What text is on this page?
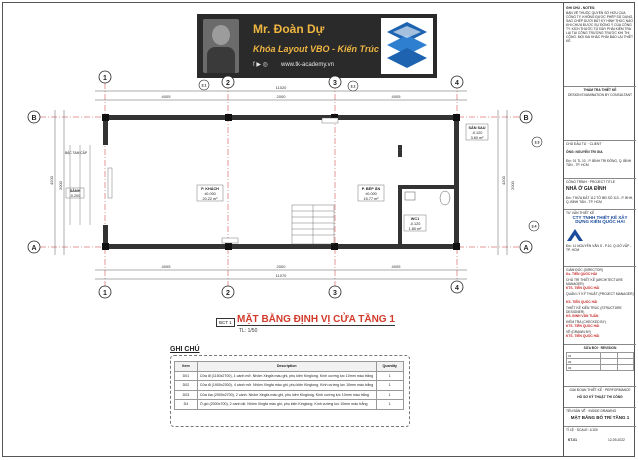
Mr. Đoàn Dự
Khóa Layout VBO - Kiến Trúc
f ▶ ◎ www.tk-academy.vn
1
2	3	4
1	2	3
4
B
A
B
A
11020
4005	2000	4005
4005	2000	4005
11070
4200
2000
4200
2000
3.1	3.2
3.3
3.4
P. KHÁCH
±0.000
20.22 m²
P. BẾP ĂN
±0.000
15.77 m²
SÂN SAU
-0.120
3.60 m²
WC1
-0.120
1.80 m²
SẢNH
-0.200
BẬC TAM CẤP
BCT 1 MẶT BẰNG ĐỊNH VỊ CỬA TẦNG 1
TL: 1/50
GHI CHÚ
Item	Description	Quantity
D01	Cửa đi (1150x2700), 1 cánh mở. Nhôm Xingfa màu ghi, phụ kiện Kinglong. Kính cường lực 10mm màu trắng	1
D02	Cửa đi (1900x2300), 4 cánh mở. Nhôm Xingfa màu ghi, phụ kiện Kinglong. Kính cường lực 10mm màu trắng	1
D03	Cửa lùa (2000x2700), 2 cánh. Nhôm Xingfa màu ghi, phụ kiện Kinglong. Kính cường lực 10mm màu trắng	1
D4	Ô gió (2000x700), 2 cánh lật. Nhôm Xingfa màu ghi, phụ kiện Kinglong. Kính cường lực 10mm màu trắng	1
GHI CHÚ - NOTES:
BẢN VẼ THUỘC QUYỀN SỞ HỮU CỦA CÔNG TY, KHÔNG ĐƯỢC PHÉP SỬ DỤNG, SAO CHÉP DƯỚI BẤT KỲ HÌNH THỨC NÀO KHI CHƯA ĐƯỢC SỰ ĐỒNG Ý CỦA CÔNG TY. KÍCH THƯỚC TỪ ĐÂY PHẢI KIỂM TRA LẠI TẠI CÔNG TRƯỜNG TRƯỚC KHI THI CÔNG. MỌI SAI KHÁC PHẢI BÁO LẠI THIẾT KẾ.
THẨM TRA THIẾT KẾ
DESIGN EXAMINATION BY CONSULTANT
CHỦ ĐẦU TƯ · CLIENT
ÔNG: NGUYỄN TRI GIA
Đ/c: 01 TL 10 - P. BÌNH TRỊ ĐÔNG, Q. BÌNH TÂN - TP. HCM
CÔNG TRÌNH · PROJECT TITLE
NHÀ Ở GIA ĐÌNH
Đ/c: THỬA ĐẤT 112 TỜ BĐ SỐ 113 - P. BHH, Q. BÌNH TÂN - TP. HCM
TƯ VẤN THIẾT KẾ
CTY TNHH THIẾT KẾ XÂY DỰNG KIẾN QUỐC HẢI
Đ/c: 11 NGUYỄN VĂN S - P.10, Q.GÒ VẤP - TP. HCM
GIÁM ĐỐC (DIRECTOR)
Ks. TIẾN QUỐC HẢI
CHỦ TRÌ THIẾT KẾ (ARCHITECTURE MANAGER)
KTS. TIẾN QUỐC HẢI
QUẢN LÝ KỸ THUẬT (PROJECT MANAGER)
KS. TIẾN QUỐC HẢI
THIẾT KẾ KIẾN TRÚC (STRUCTURE DESIGNER)
KS. ĐINH VĂN TUẤN
KIỂM TRA (CHECKED BY)
KTS. TIẾN QUỐC HẢI
VẼ (DRAWN BY)
KTS. TIẾN QUỐC HẢI
SỬA ĐỔI · REVISION
01		
02		
03		
GIAI ĐOẠN THIẾT KẾ · PERFORMANCE
HỒ SƠ KỸ THUẬT THI CÔNG
TÊN BẢN VẼ · INSIDE DRAWING
MẶT BẰNG BỐ TRÍ TẦNG 1
TỈ LỆ · SCALE: 1/100
KT-01	12-09-2022
